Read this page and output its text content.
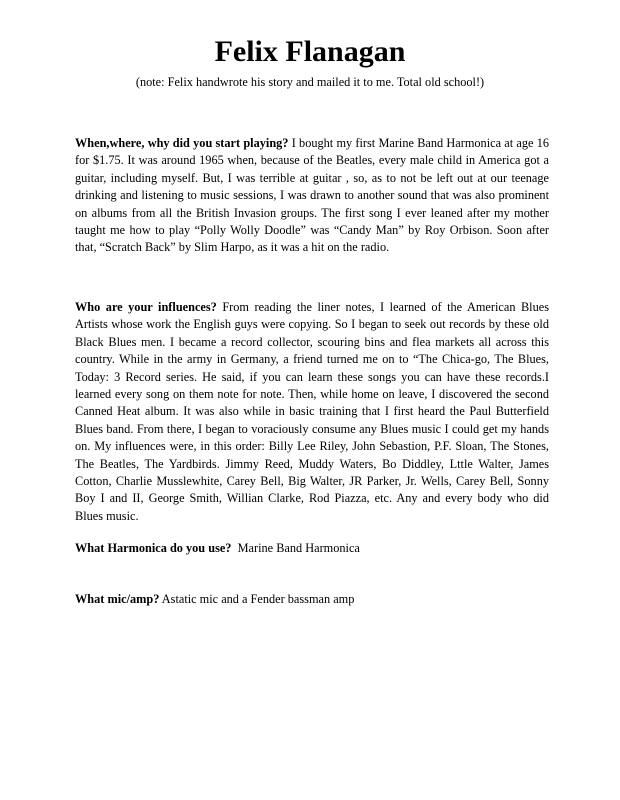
Felix Flanagan
(note: Felix handwrote his story and mailed it to me. Total old school!)

When,where, why did you start playing? I bought my first Marine Band Harmonica at age 16 for $1.75. It was around 1965 when, because of the Beatles, every male child in America got a guitar, including myself. But, I was terrible at guitar , so, as to not be left out at our teenage drinking and listening to music sessions, I was drawn to another sound that was also prominent on albums from all the British Invasion groups. The first song I ever leaned after my mother taught me how to play “Polly Wolly Doodle” was “Candy Man” by Roy Orbison. Soon after that, “Scratch Back” by Slim Harpo, as it was a hit on the radio.

Who are your influences? From reading the liner notes, I learned of the American Blues Artists whose work the English guys were copying. So I began to seek out records by these old Black Blues men. I became a record collector, scouring bins and flea markets all across this country. While in the army in Germany, a friend turned me on to “The Chica-go, The Blues, Today: 3 Record series. He said, if you can learn these songs you can have these records.I learned every song on them note for note. Then, while home on leave, I discovered the second Canned Heat album. It was also while in basic training that I first heard the Paul Butterfield Blues band. From there, I began to voraciously consume any Blues music I could get my hands on. My influences were, in this order: Billy Lee Riley, John Sebastion, P.F. Sloan, The Stones, The Beatles, The Yardbirds. Jimmy Reed, Muddy Waters, Bo Diddley, Lttle Walter, James Cotton, Charlie Musslewhite, Carey Bell, Big Walter, JR Parker, Jr. Wells, Carey Bell, Sonny Boy I and II, George Smith, Willian Clarke, Rod Piazza, etc. Any and every body who did Blues music.

What Harmonica do you use? Marine Band Harmonica

What mic/amp? Astatic mic and a Fender bassman amp
